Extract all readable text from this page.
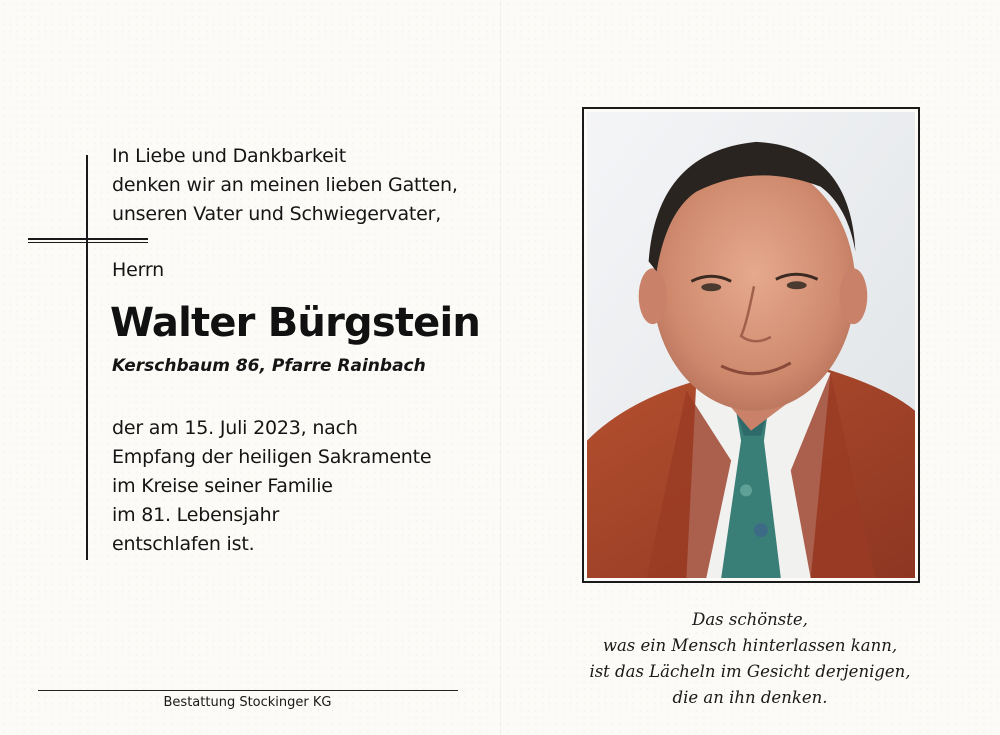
In Liebe und Dankbarkeit
denken wir an meinen lieben Gatten,
unseren Vater und Schwiegervater,
Herrn
Walter Bürgstein
Kerschbaum 86, Pfarre Rainbach
der am 15. Juli 2023, nach
Empfang der heiligen Sakramente
im Kreise seiner Familie
im 81. Lebensjahr
entschlafen ist.
Bestattung Stockinger KG
Das schönste,
was ein Mensch hinterlassen kann,
ist das Lächeln im Gesicht derjenigen,
die an ihn denken.
